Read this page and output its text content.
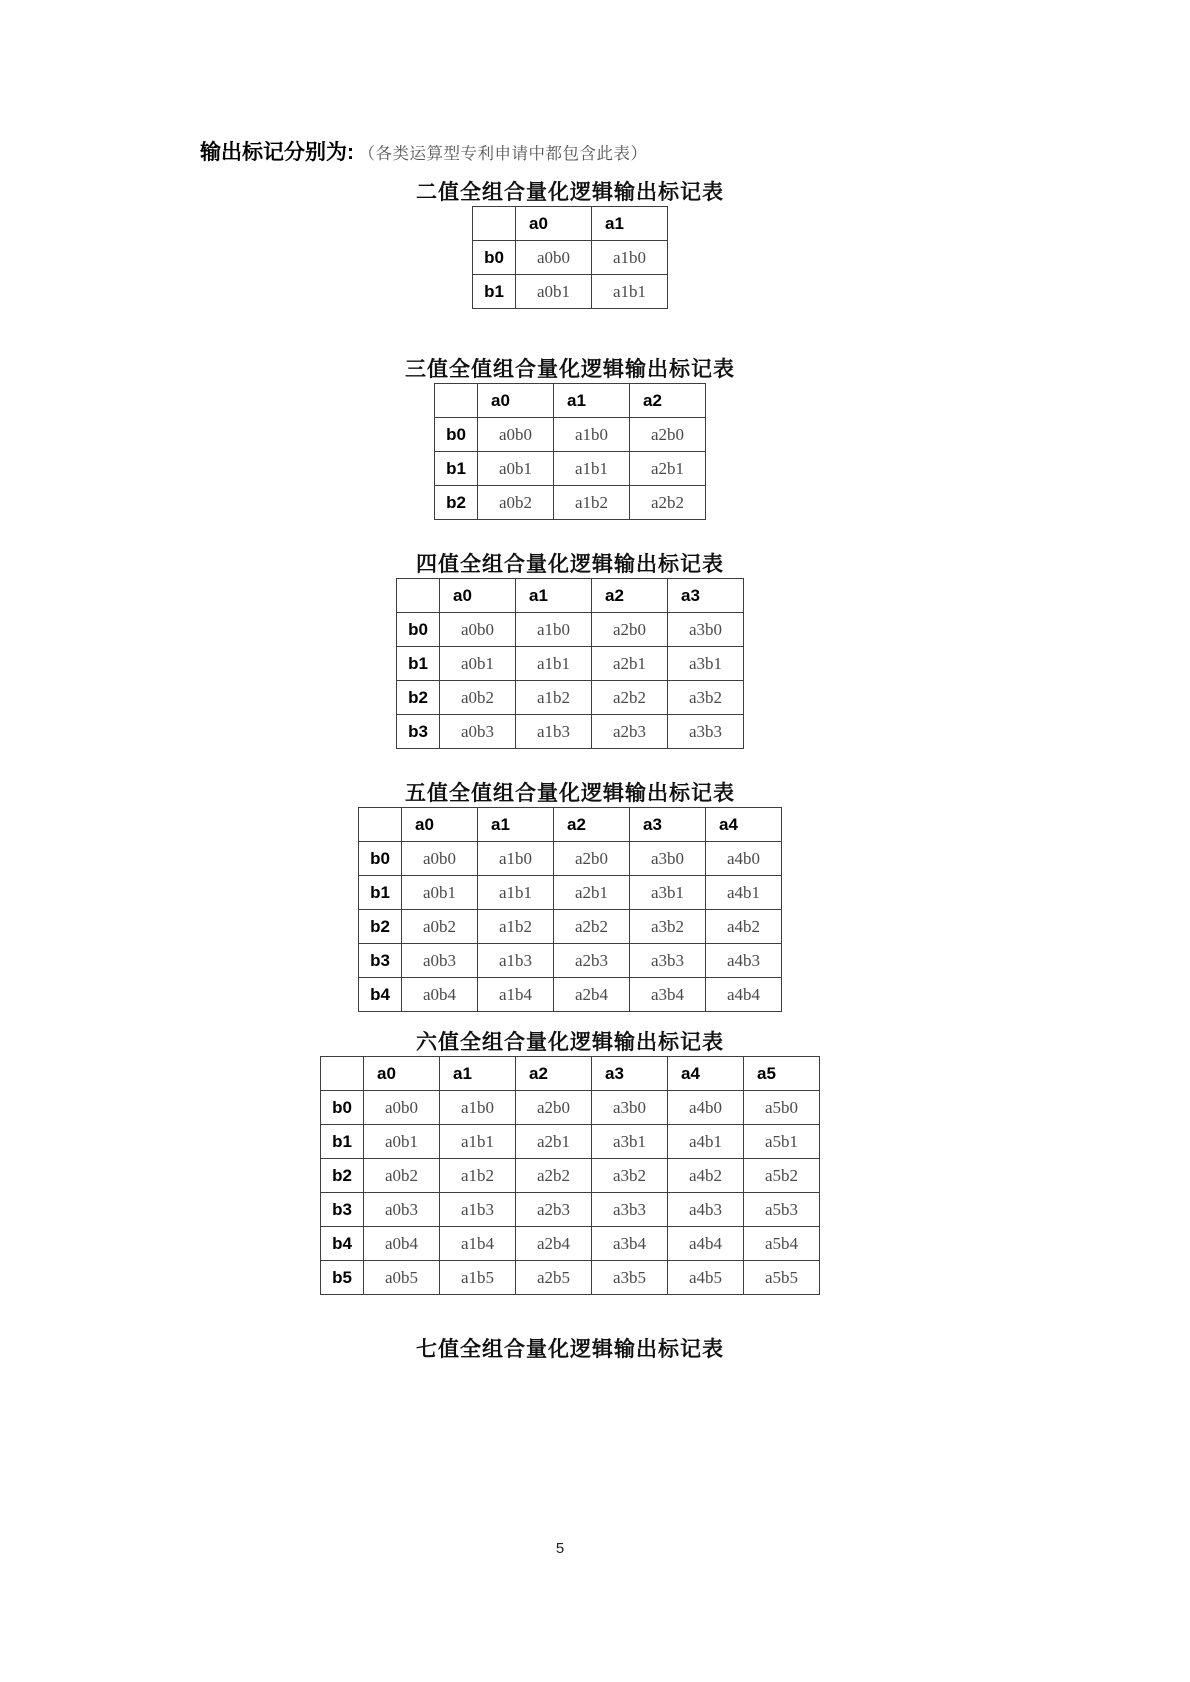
输出标记分别为: （各类运算型专利申请中都包含此表）
二值全组合量化逻辑输出标记表
	a0	a1
b0	a0b0	a1b0
b1	a0b1	a1b1
三值全值组合量化逻辑输出标记表
	a0	a1	a2
b0	a0b0	a1b0	a2b0
b1	a0b1	a1b1	a2b1
b2	a0b2	a1b2	a2b2
四值全组合量化逻辑输出标记表
	a0	a1	a2	a3
b0	a0b0	a1b0	a2b0	a3b0
b1	a0b1	a1b1	a2b1	a3b1
b2	a0b2	a1b2	a2b2	a3b2
b3	a0b3	a1b3	a2b3	a3b3
五值全值组合量化逻辑输出标记表
	a0	a1	a2	a3	a4
b0	a0b0	a1b0	a2b0	a3b0	a4b0
b1	a0b1	a1b1	a2b1	a3b1	a4b1
b2	a0b2	a1b2	a2b2	a3b2	a4b2
b3	a0b3	a1b3	a2b3	a3b3	a4b3
b4	a0b4	a1b4	a2b4	a3b4	a4b4
六值全组合量化逻辑输出标记表
	a0	a1	a2	a3	a4	a5
b0	a0b0	a1b0	a2b0	a3b0	a4b0	a5b0
b1	a0b1	a1b1	a2b1	a3b1	a4b1	a5b1
b2	a0b2	a1b2	a2b2	a3b2	a4b2	a5b2
b3	a0b3	a1b3	a2b3	a3b3	a4b3	a5b3
b4	a0b4	a1b4	a2b4	a3b4	a4b4	a5b4
b5	a0b5	a1b5	a2b5	a3b5	a4b5	a5b5
七值全组合量化逻辑输出标记表
5
